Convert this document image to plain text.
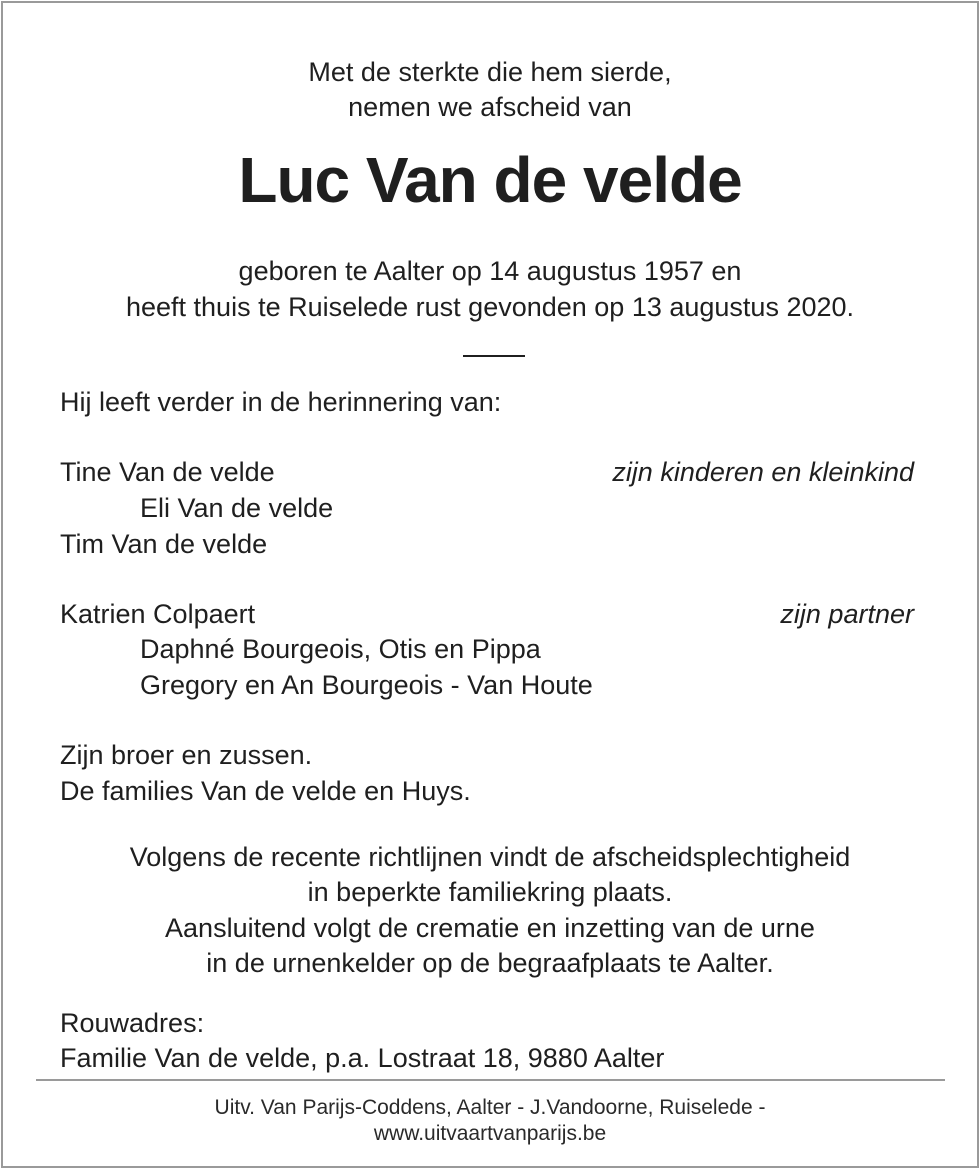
Met de sterkte die hem sierde,
nemen we afscheid van
Luc Van de velde
geboren te Aalter op 14 augustus 1957 en
heeft thuis te Ruiselede rust gevonden op 13 augustus 2020.
Hij leeft verder in de herinnering van:
Tine Van de velde	zijn kinderen en kleinkind
Eli Van de velde
Tim Van de velde
Katrien Colpaert	zijn partner
Daphné Bourgeois, Otis en Pippa
Gregory en An Bourgeois - Van Houte
Zijn broer en zussen.
De families Van de velde en Huys.
Volgens de recente richtlijnen vindt de afscheidsplechtigheid
in beperkte familiekring plaats.
Aansluitend volgt de crematie en inzetting van de urne
in de urnenkelder op de begraafplaats te Aalter.
Rouwadres:
Familie Van de velde, p.a. Lostraat 18, 9880 Aalter
Uitv. Van Parijs-Coddens, Aalter - J.Vandoorne, Ruiselede -
www.uitvaartvanparijs.be
